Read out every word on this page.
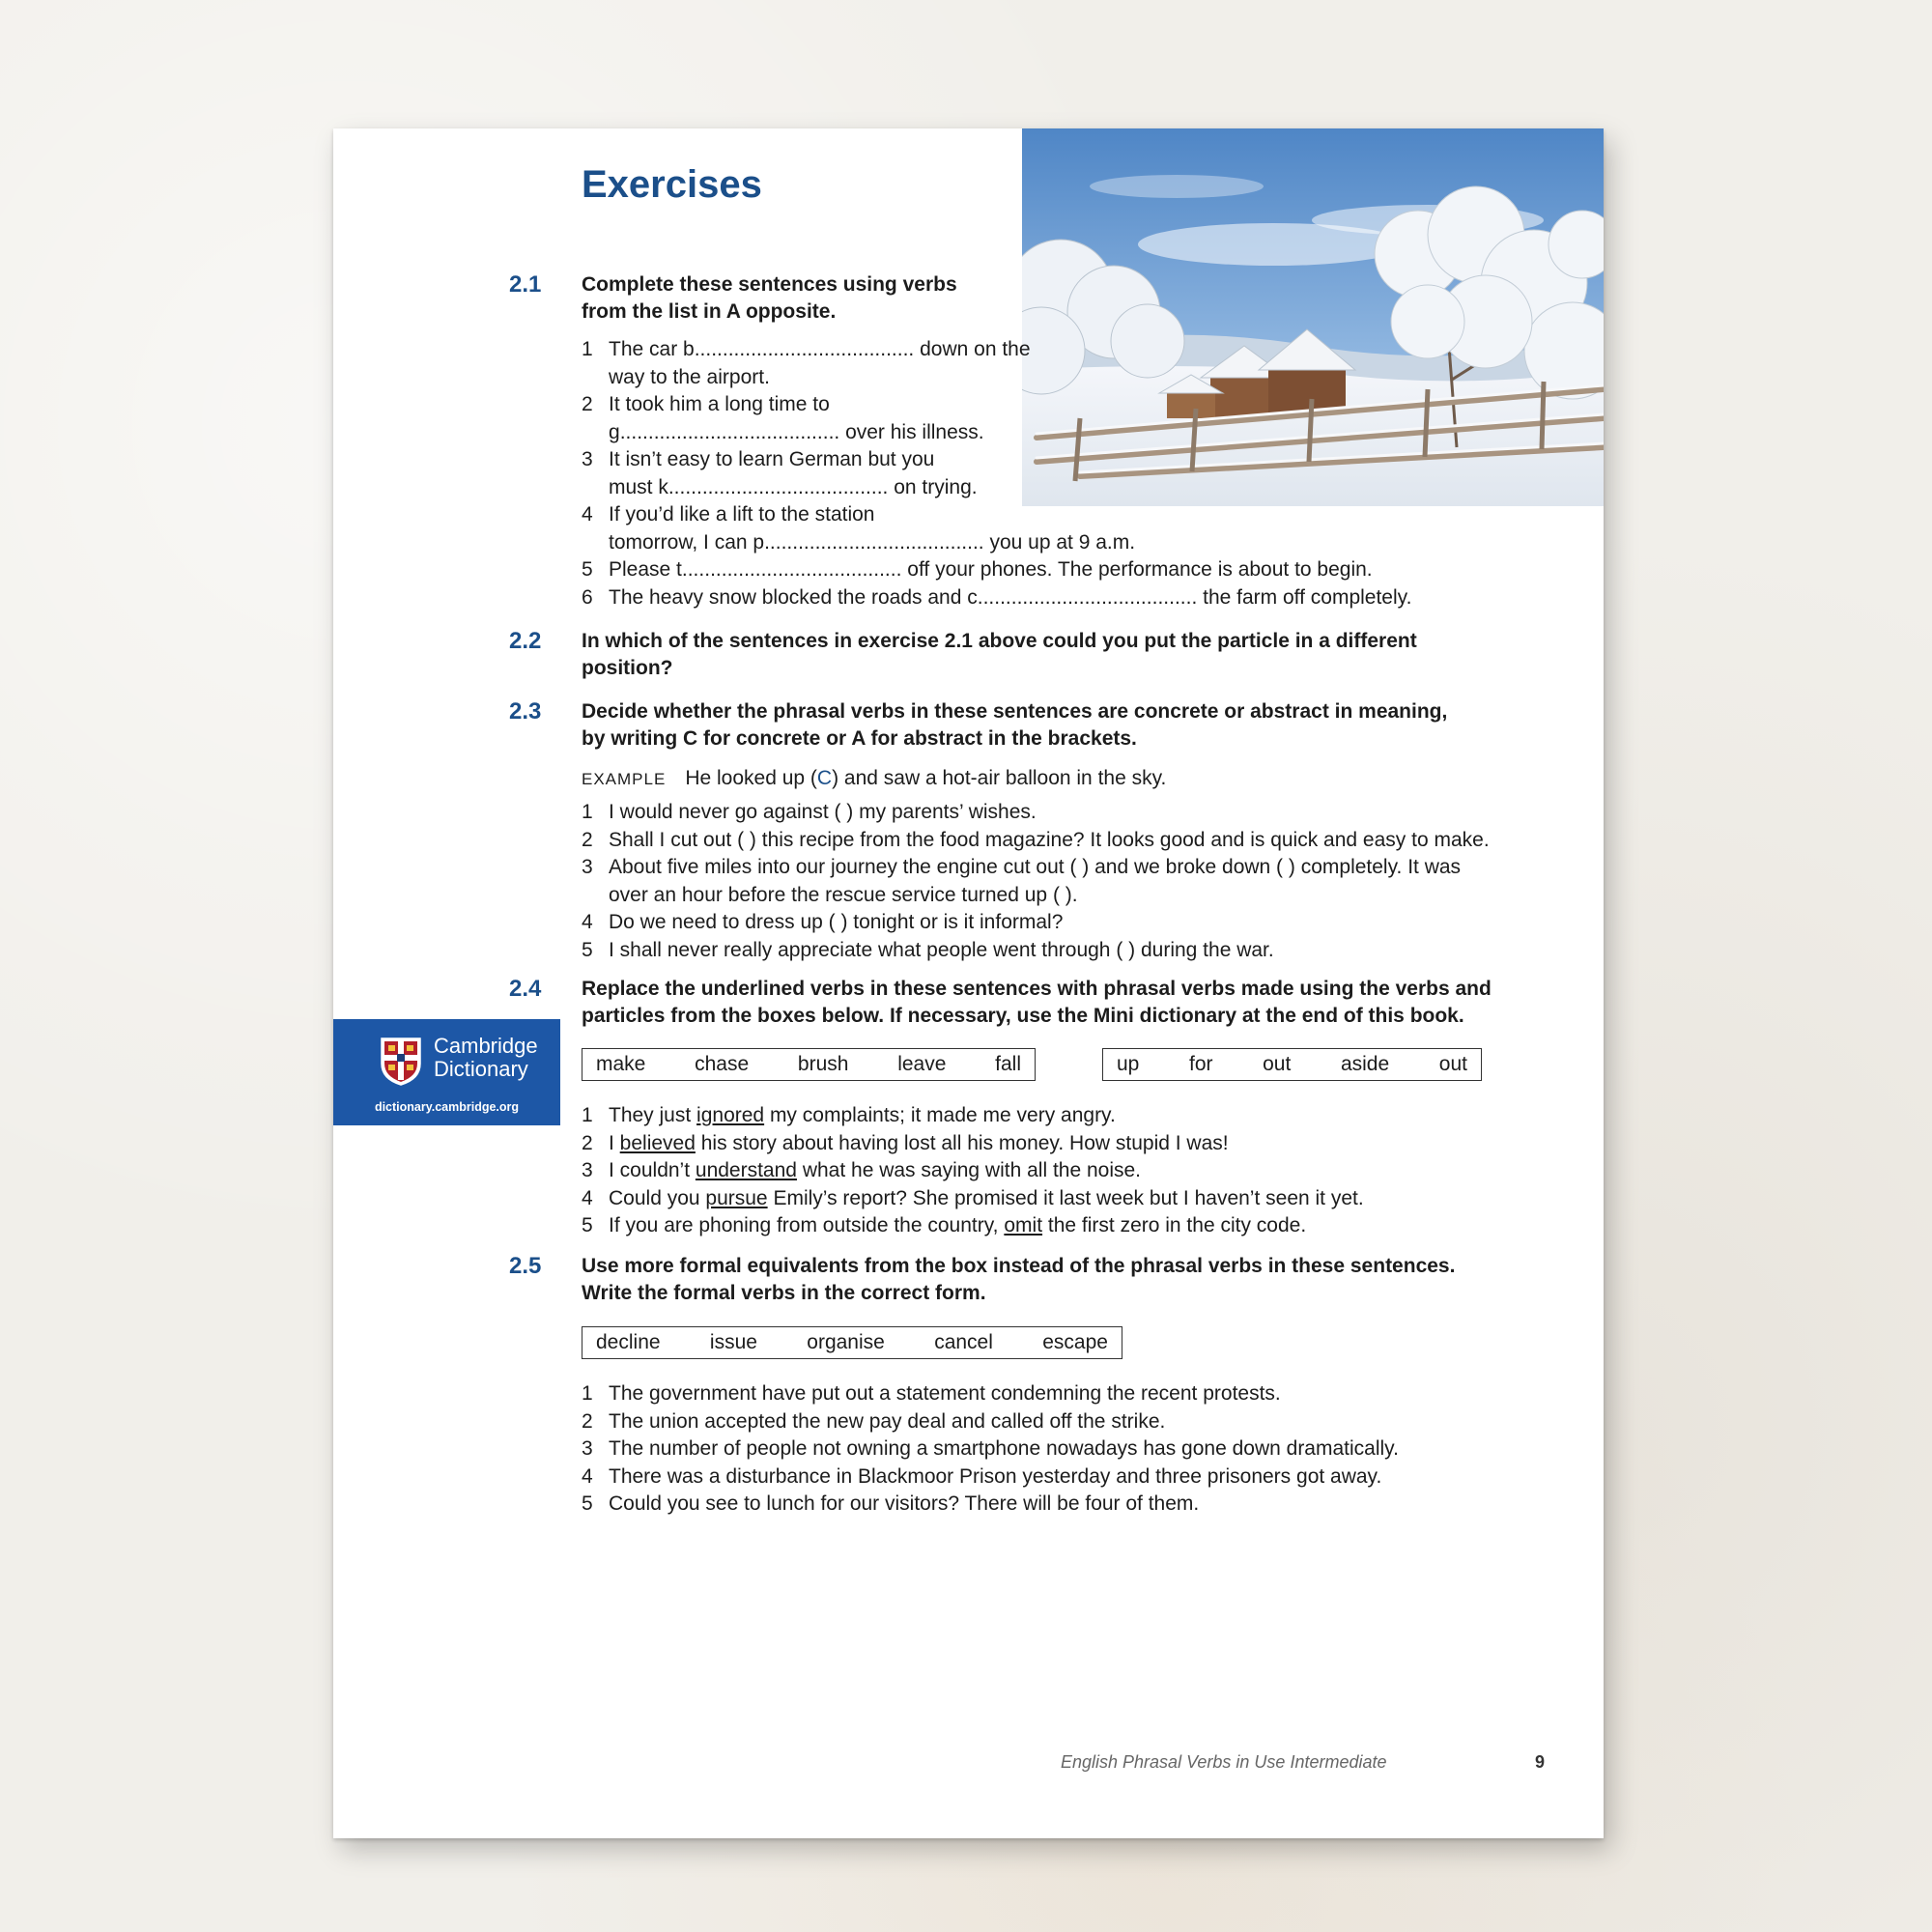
Exercises
2.1 Complete these sentences using verbs
from the list in A opposite.
1 The car b....................................... down on the
way to the airport.
2 It took him a long time to
g....................................... over his illness.
3 It isn’t easy to learn German but you
must k....................................... on trying.
4 If you’d like a lift to the station
tomorrow, I can p....................................... you up at 9 a.m.
5 Please t....................................... off your phones. The performance is about to begin.
6 The heavy snow blocked the roads and c....................................... the farm off completely.
2.2 In which of the sentences in exercise 2.1 above could you put the particle in a different
position?
2.3 Decide whether the phrasal verbs in these sentences are concrete or abstract in meaning,
by writing C for concrete or A for abstract in the brackets.
EXAMPLE He looked up (C) and saw a hot-air balloon in the sky.
1 I would never go against ( ) my parents’ wishes.
2 Shall I cut out ( ) this recipe from the food magazine? It looks good and is quick and easy to make.
3 About five miles into our journey the engine cut out ( ) and we broke down ( ) completely. It was
over an hour before the rescue service turned up ( ).
4 Do we need to dress up ( ) tonight or is it informal?
5 I shall never really appreciate what people went through ( ) during the war.
2.4 Replace the underlined verbs in these sentences with phrasal verbs made using the verbs and
particles from the boxes below. If necessary, use the Mini dictionary at the end of this book.
Cambridge
Dictionary
dictionary.cambridge.org
make chase brush leave fall	up for out aside out
1 They just ignored my complaints; it made me very angry.
2 I believed his story about having lost all his money. How stupid I was!
3 I couldn’t understand what he was saying with all the noise.
4 Could you pursue Emily’s report? She promised it last week but I haven’t seen it yet.
5 If you are phoning from outside the country, omit the first zero in the city code.
2.5 Use more formal equivalents from the box instead of the phrasal verbs in these sentences.
Write the formal verbs in the correct form.
decline issue organise cancel escape
1 The government have put out a statement condemning the recent protests.
2 The union accepted the new pay deal and called off the strike.
3 The number of people not owning a smartphone nowadays has gone down dramatically.
4 There was a disturbance in Blackmoor Prison yesterday and three prisoners got away.
5 Could you see to lunch for our visitors? There will be four of them.
English Phrasal Verbs in Use Intermediate	9
